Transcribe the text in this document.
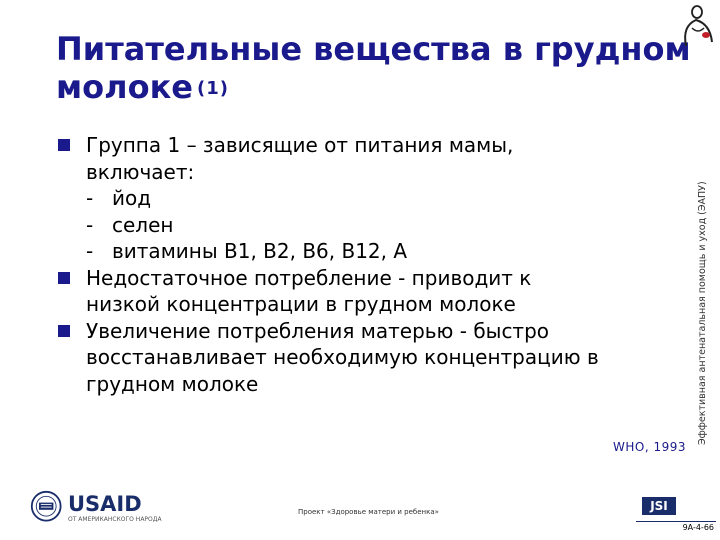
Питательные вещества в грудном
молоке (1)
Эффективная антенатальная помощь и уход (ЭАПУ)
Группа 1 – зависящие от питания мамы,
включает:
- йод
- селен
- витамины В1, В2, В6, В12, А
Недостаточное потребление - приводит к
низкой концентрации в грудном молоке
Увеличение потребления матерью - быстро
восстанавливает необходимую концентрацию в
грудном молоке
WHO, 1993
USAID
ОТ АМЕРИКАНСКОГО НАРОДА
Проект «Здоровье матери и ребенка»	JSI
9A-4-66
